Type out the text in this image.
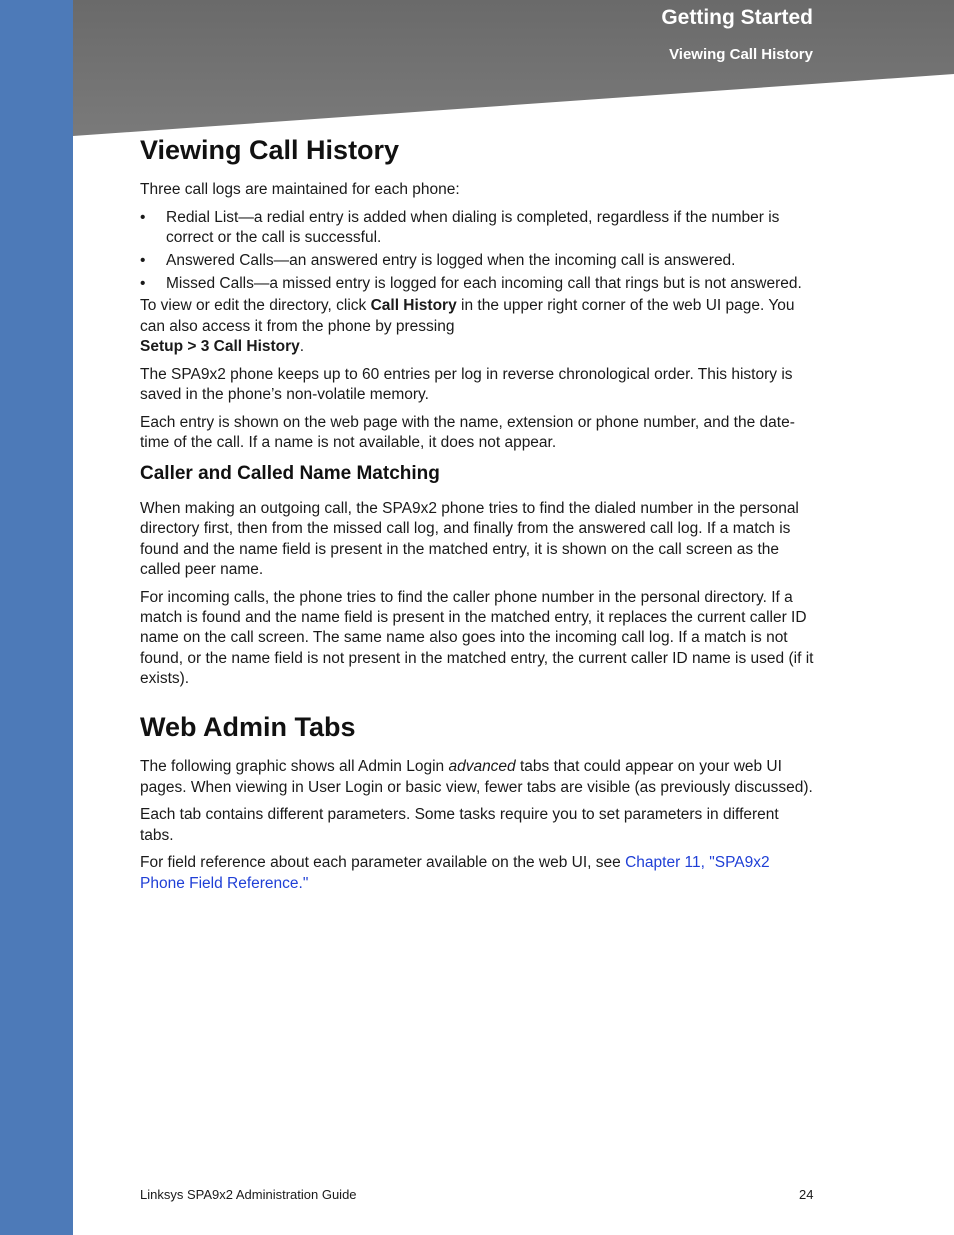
Getting Started
Viewing Call History
Viewing Call History

Three call logs are maintained for each phone:

• Redial List—a redial entry is added when dialing is completed, regardless if the number is correct or the call is successful.
• Answered Calls—an answered entry is logged when the incoming call is answered.
• Missed Calls—a missed entry is logged for each incoming call that rings but is not answered.

To view or edit the directory, click Call History in the upper right corner of the web UI page. You can also access it from the phone by pressing
Setup > 3 Call History.

The SPA9x2 phone keeps up to 60 entries per log in reverse chronological order. This history is saved in the phone’s non-volatile memory.

Each entry is shown on the web page with the name, extension or phone number, and the date-time of the call. If a name is not available, it does not appear.

Caller and Called Name Matching

When making an outgoing call, the SPA9x2 phone tries to find the dialed number in the personal directory first, then from the missed call log, and finally from the answered call log. If a match is found and the name field is present in the matched entry, it is shown on the call screen as the called peer name.

For incoming calls, the phone tries to find the caller phone number in the personal directory. If a match is found and the name field is present in the matched entry, it replaces the current caller ID name on the call screen. The same name also goes into the incoming call log. If a match is not found, or the name field is not present in the matched entry, the current caller ID name is used (if it exists).

Web Admin Tabs

The following graphic shows all Admin Login advanced tabs that could appear on your web UI pages. When viewing in User Login or basic view, fewer tabs are visible (as previously discussed).

Each tab contains different parameters. Some tasks require you to set parameters in different tabs.

For field reference about each parameter available on the web UI, see Chapter 11, "SPA9x2 Phone Field Reference."

Linksys SPA9x2 Administration Guide	24
